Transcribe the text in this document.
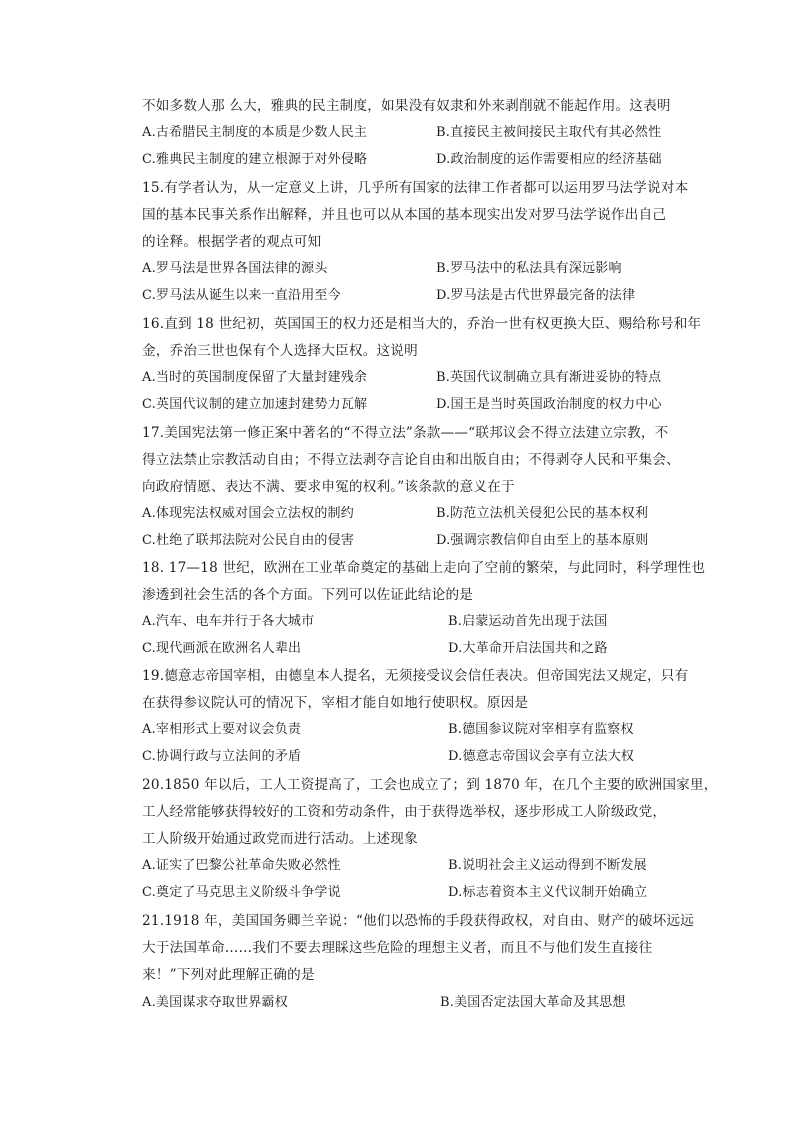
不如多数人那 么大，雅典的民主制度，如果没有奴隶和外来剥削就不能起作用。这表明
A.古希腊民主制度的本质是少数人民主	B.直接民主被间接民主取代有其必然性
C.雅典民主制度的建立根源于对外侵略	D.政治制度的运作需要相应的经济基础
15.有学者认为，从一定意义上讲，几乎所有国家的法律工作者都可以运用罗马法学说对本
国的基本民事关系作出解释，并且也可以从本国的基本现实出发对罗马法学说作出自己
的诠释。根据学者的观点可知
A.罗马法是世界各国法律的源头	B.罗马法中的私法具有深远影响
C.罗马法从诞生以来一直沿用至今	D.罗马法是古代世界最完备的法律
16.直到 18 世纪初，英国国王的权力还是相当大的，乔治一世有权更换大臣、赐给称号和年
金，乔治三世也保有个人选择大臣权。这说明
A.当时的英国制度保留了大量封建残余	B.英国代议制确立具有渐进妥协的特点
C.英国代议制的建立加速封建势力瓦解	D.国王是当时英国政治制度的权力中心
17.美国宪法第一修正案中著名的“不得立法”条款——“联邦议会不得立法建立宗教，不
得立法禁止宗教活动自由；不得立法剥夺言论自由和出版自由；不得剥夺人民和平集会、
向政府情愿、表达不满、要求申冤的权利。”该条款的意义在于
A.体现宪法权威对国会立法权的制约	B.防范立法机关侵犯公民的基本权利
C.杜绝了联邦法院对公民自由的侵害	D.强调宗教信仰自由至上的基本原则
18. 17—18 世纪，欧洲在工业革命奠定的基础上走向了空前的繁荣，与此同时，科学理性也
渗透到社会生活的各个方面。下列可以佐证此结论的是
A.汽车、电车并行于各大城市	B.启蒙运动首先出现于法国
C.现代画派在欧洲名人辈出	D.大革命开启法国共和之路
19.德意志帝国宰相，由德皇本人提名，无须接受议会信任表决。但帝国宪法又规定，只有
在获得参议院认可的情况下，宰相才能自如地行使职权。原因是
A.宰相形式上要对议会负责	B.德国参议院对宰相享有监察权
C.协调行政与立法间的矛盾	D.德意志帝国议会享有立法大权
20.1850 年以后，工人工资提高了，工会也成立了；到 1870 年，在几个主要的欧洲国家里，
工人经常能够获得较好的工资和劳动条件，由于获得选举权，逐步形成工人阶级政党，
工人阶级开始通过政党而进行活动。上述现象
A.证实了巴黎公社革命失败必然性	B.说明社会主义运动得到不断发展
C.奠定了马克思主义阶级斗争学说	D.标志着资本主义代议制开始确立
21.1918 年，美国国务卿兰辛说：“他们以恐怖的手段获得政权，对自由、财产的破坏远远
大于法国革命……我们不要去理睬这些危险的理想主义者，而且不与他们发生直接往
来！”下列对此理解正确的是
A.美国谋求夺取世界霸权	B.美国否定法国大革命及其思想
